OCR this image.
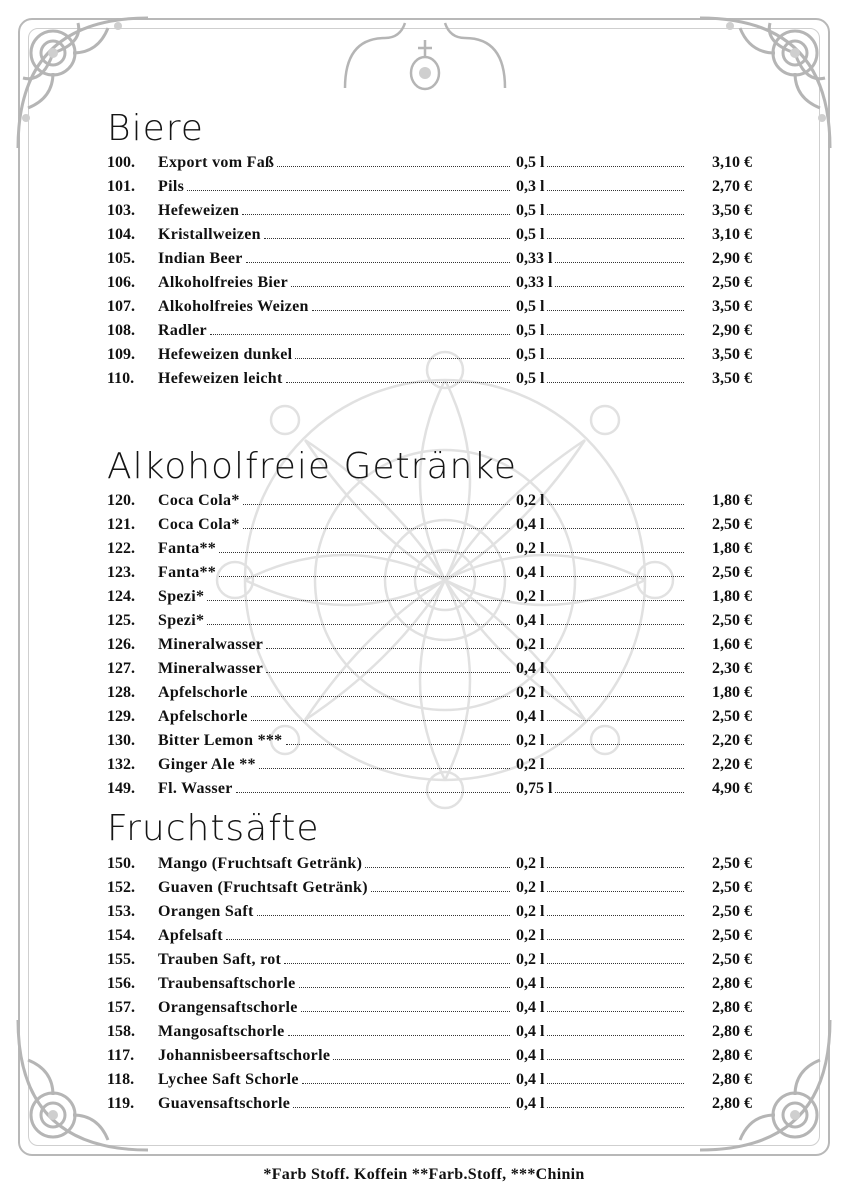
Biere
100. Export vom Faß	0,5 l	3,10 €
101. Pils	0,3 l	2,70 €
103. Hefeweizen	0,5 l	3,50 €
104. Kristallweizen	0,5 l	3,10 €
105. Indian Beer	0,33 l	2,90 €
106. Alkoholfreies Bier	0,33 l	2,50 €
107. Alkoholfreies Weizen	0,5 l	3,50 €
108. Radler	0,5 l	2,90 €
109. Hefeweizen dunkel	0,5 l	3,50 €
110. Hefeweizen leicht	0,5 l	3,50 €
Alkoholfreie Getränke
120. Coca Cola*	0,2 l	1,80 €
121. Coca Cola*	0,4 l	2,50 €
122. Fanta**	0,2 l	1,80 €
123. Fanta**	0,4 l	2,50 €
124. Spezi*	0,2 l	1,80 €
125. Spezi*	0,4 l	2,50 €
126. Mineralwasser	0,2 l	1,60 €
127. Mineralwasser	0,4 l	2,30 €
128. Apfelschorle	0,2 l	1,80 €
129. Apfelschorle	0,4 l	2,50 €
130. Bitter Lemon ***	0,2 l	2,20 €
132. Ginger Ale **	0,2 l	2,20 €
149. Fl. Wasser	0,75 l	4,90 €
Fruchtsäfte
150. Mango (Fruchtsaft Getränk)	0,2 l	2,50 €
152. Guaven (Fruchtsaft Getränk)	0,2 l	2,50 €
153. Orangen Saft	0,2 l	2,50 €
154. Apfelsaft	0,2 l	2,50 €
155. Trauben Saft, rot	0,2 l	2,50 €
156. Traubensaftschorle	0,4 l	2,80 €
157. Orangensaftschorle	0,4 l	2,80 €
158. Mangosaftschorle	0,4 l	2,80 €
117. Johannisbeersaftschorle	0,4 l	2,80 €
118. Lychee Saft Schorle	0,4 l	2,80 €
119. Guavensaftschorle	0,4 l	2,80 €
*Farb Stoff. Koffein **Farb.Stoff, ***Chinin
